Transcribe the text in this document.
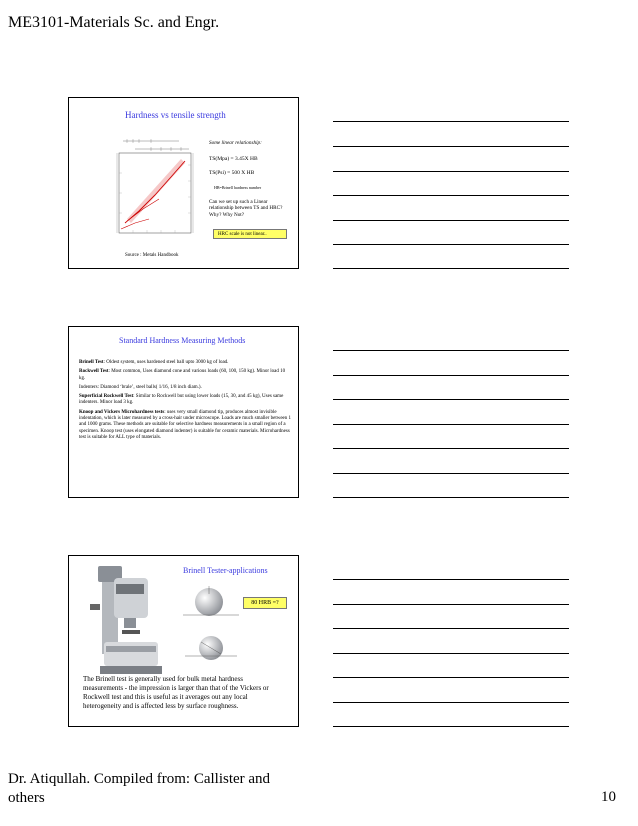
ME3101-Materials Sc. and Engr.
Hardness vs tensile strength
Source : Metals Handbook
Some linear relationship:
TS(Mpa) = 3.45X HB
TS(Psi) = 500 X HB
HB=Brinell hardness number
Can we set up such a Linear relationship between TS and HRC? Why? Why Not?
HRC scale is not linear..
Standard Hardness Measuring Methods

Brinell Test: Oldest system, uses hardened steel ball upto 3000 kg of load.

Rockwell Test: Most common, Uses diamond cone and various loads (60, 100, 150 kg). Minor load 10 kg.

Indenters: Diamond ‘brale’, steel balls( 1/16, 1/8 inch diam.).

Superficial Rockwell Test: Similar to Rockwell but using lower loads (15, 30, and 45 kg), Uses same indenters. Minor load 3 kg.

Knoop and Vickers Microhardness tests: uses very small diamond tip, produces almost invisible indentation, which is later measured by a cross-hair under microscope. Loads are much smaller between 1 and 1000 grams. These methods are suitable for selective hardness measurements in a small region of a specimen. Knoop test (uses elongated diamond indenter) is suitable for ceramic materials. Microhardness test is suitable for ALL type of materials.

Brinell Tester-applications
80 HRB =?
The Brinell test is generally used for bulk metal hardness measurements - the impression is larger than that of the Vickers or Rockwell test and this is useful as it averages out any local heterogeneity and is affected less by surface roughness.
Dr. Atiqullah. Compiled from: Callister and others	10
